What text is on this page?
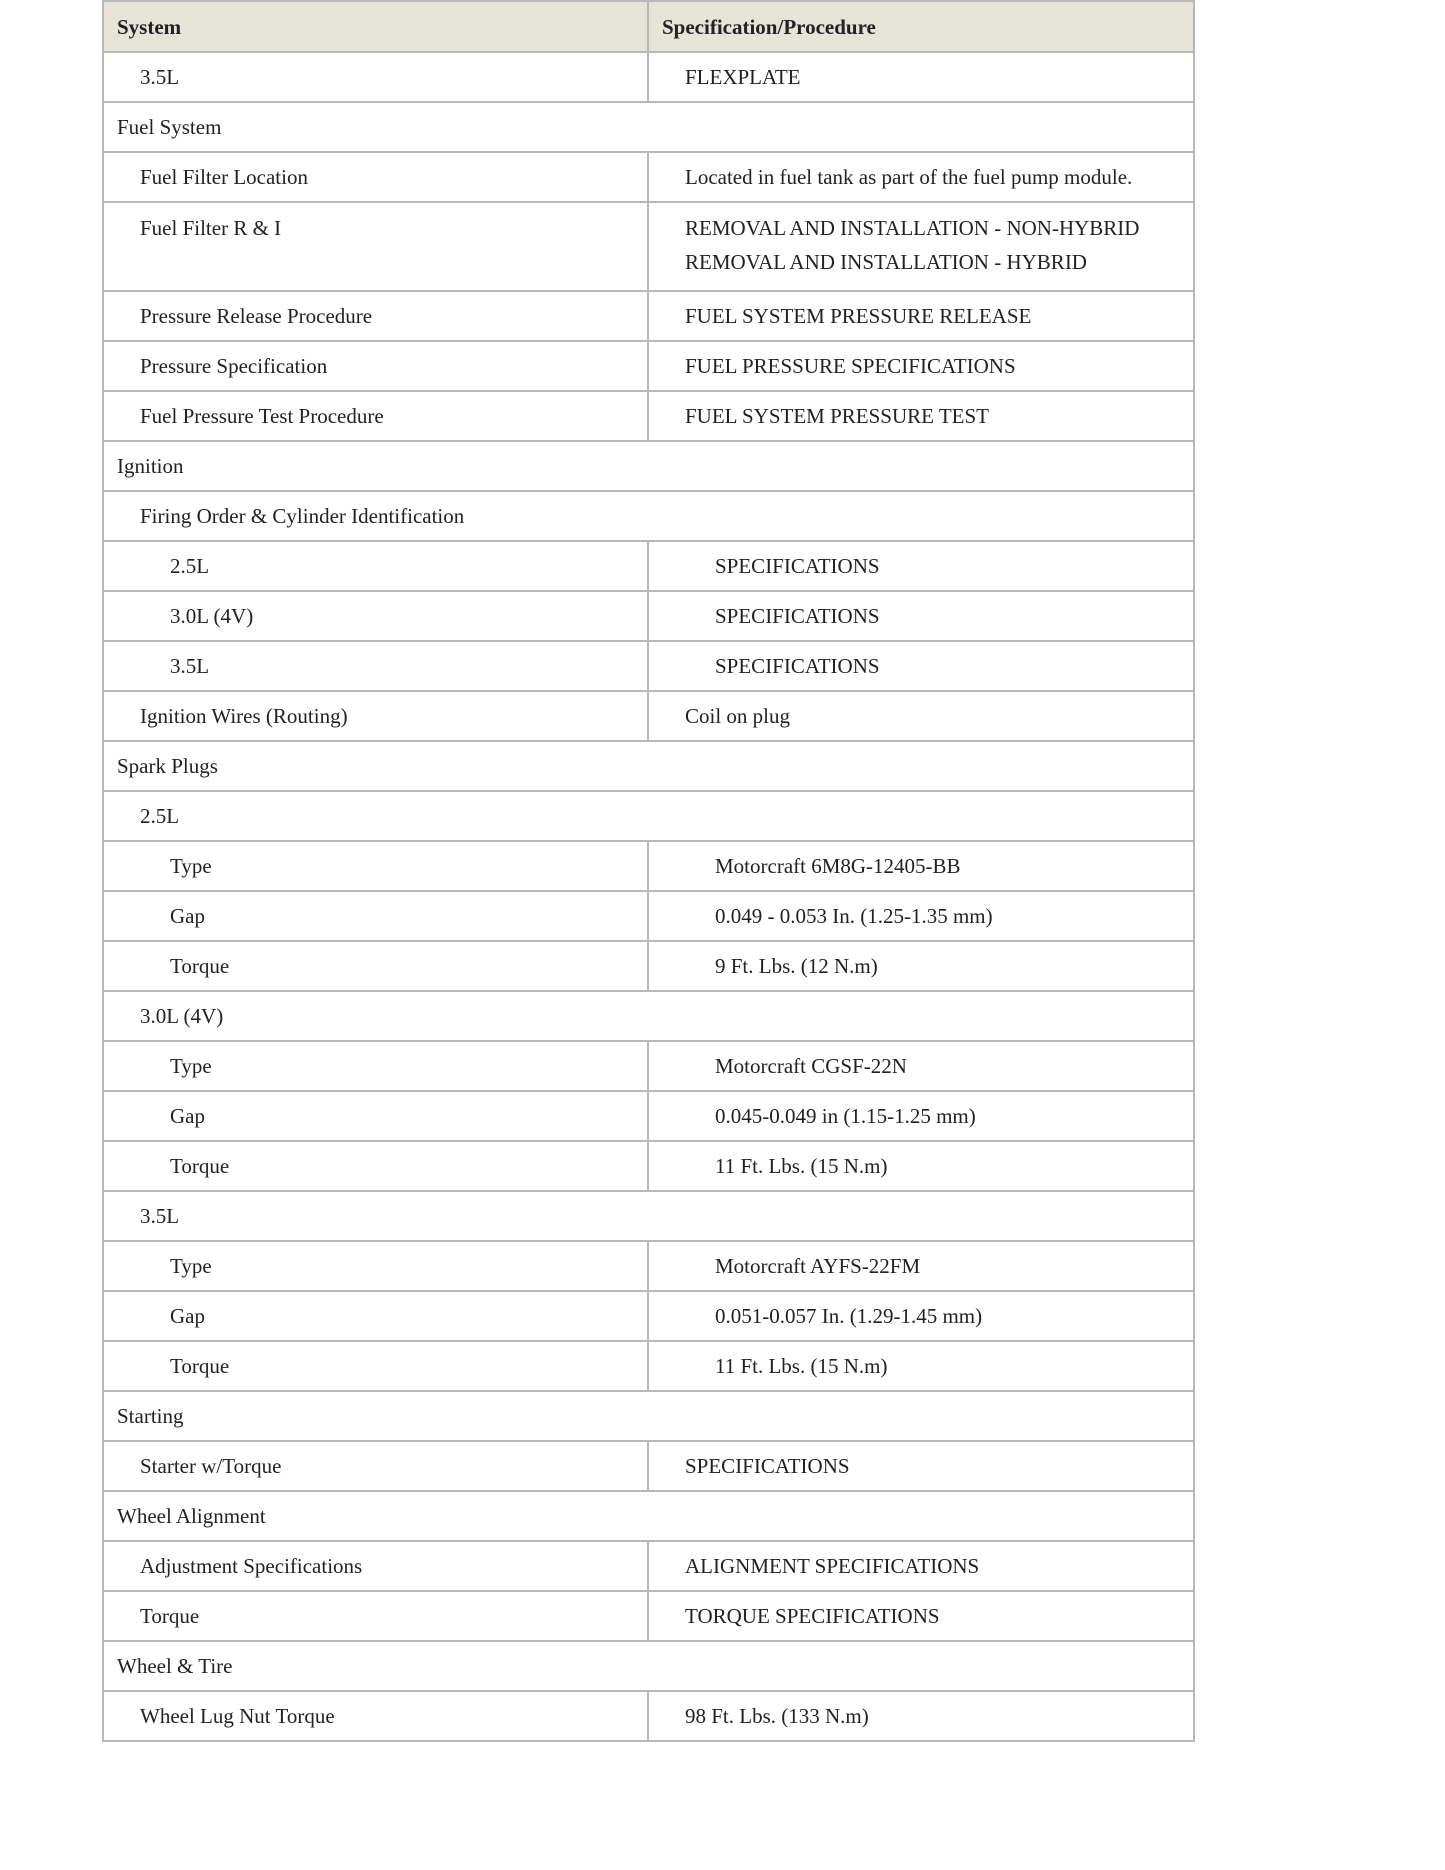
System	Specification/Procedure
3.5L	FLEXPLATE
Fuel System	
Fuel Filter Location	Located in fuel tank as part of the fuel pump module.
Fuel Filter R & I	REMOVAL AND INSTALLATION - NON-HYBRID
REMOVAL AND INSTALLATION - HYBRID

Pressure Release Procedure	FUEL SYSTEM PRESSURE RELEASE
Pressure Specification	FUEL PRESSURE SPECIFICATIONS
Fuel Pressure Test Procedure	FUEL SYSTEM PRESSURE TEST
Ignition	
Firing Order & Cylinder Identification	
2.5L	SPECIFICATIONS
3.0L (4V)	SPECIFICATIONS
3.5L	SPECIFICATIONS
Ignition Wires (Routing)	Coil on plug
Spark Plugs	
2.5L	
Type	Motorcraft 6M8G-12405-BB
Gap	0.049 - 0.053 In. (1.25-1.35 mm)
Torque	9 Ft. Lbs. (12 N.m)
3.0L (4V)	
Type	Motorcraft CGSF-22N
Gap	0.045-0.049 in (1.15-1.25 mm)
Torque	11 Ft. Lbs. (15 N.m)
3.5L	
Type	Motorcraft AYFS-22FM
Gap	0.051-0.057 In. (1.29-1.45 mm)
Torque	11 Ft. Lbs. (15 N.m)
Starting	
Starter w/Torque	SPECIFICATIONS
Wheel Alignment	
Adjustment Specifications	ALIGNMENT SPECIFICATIONS
Torque	TORQUE SPECIFICATIONS
Wheel & Tire	
Wheel Lug Nut Torque	98 Ft. Lbs. (133 N.m)
